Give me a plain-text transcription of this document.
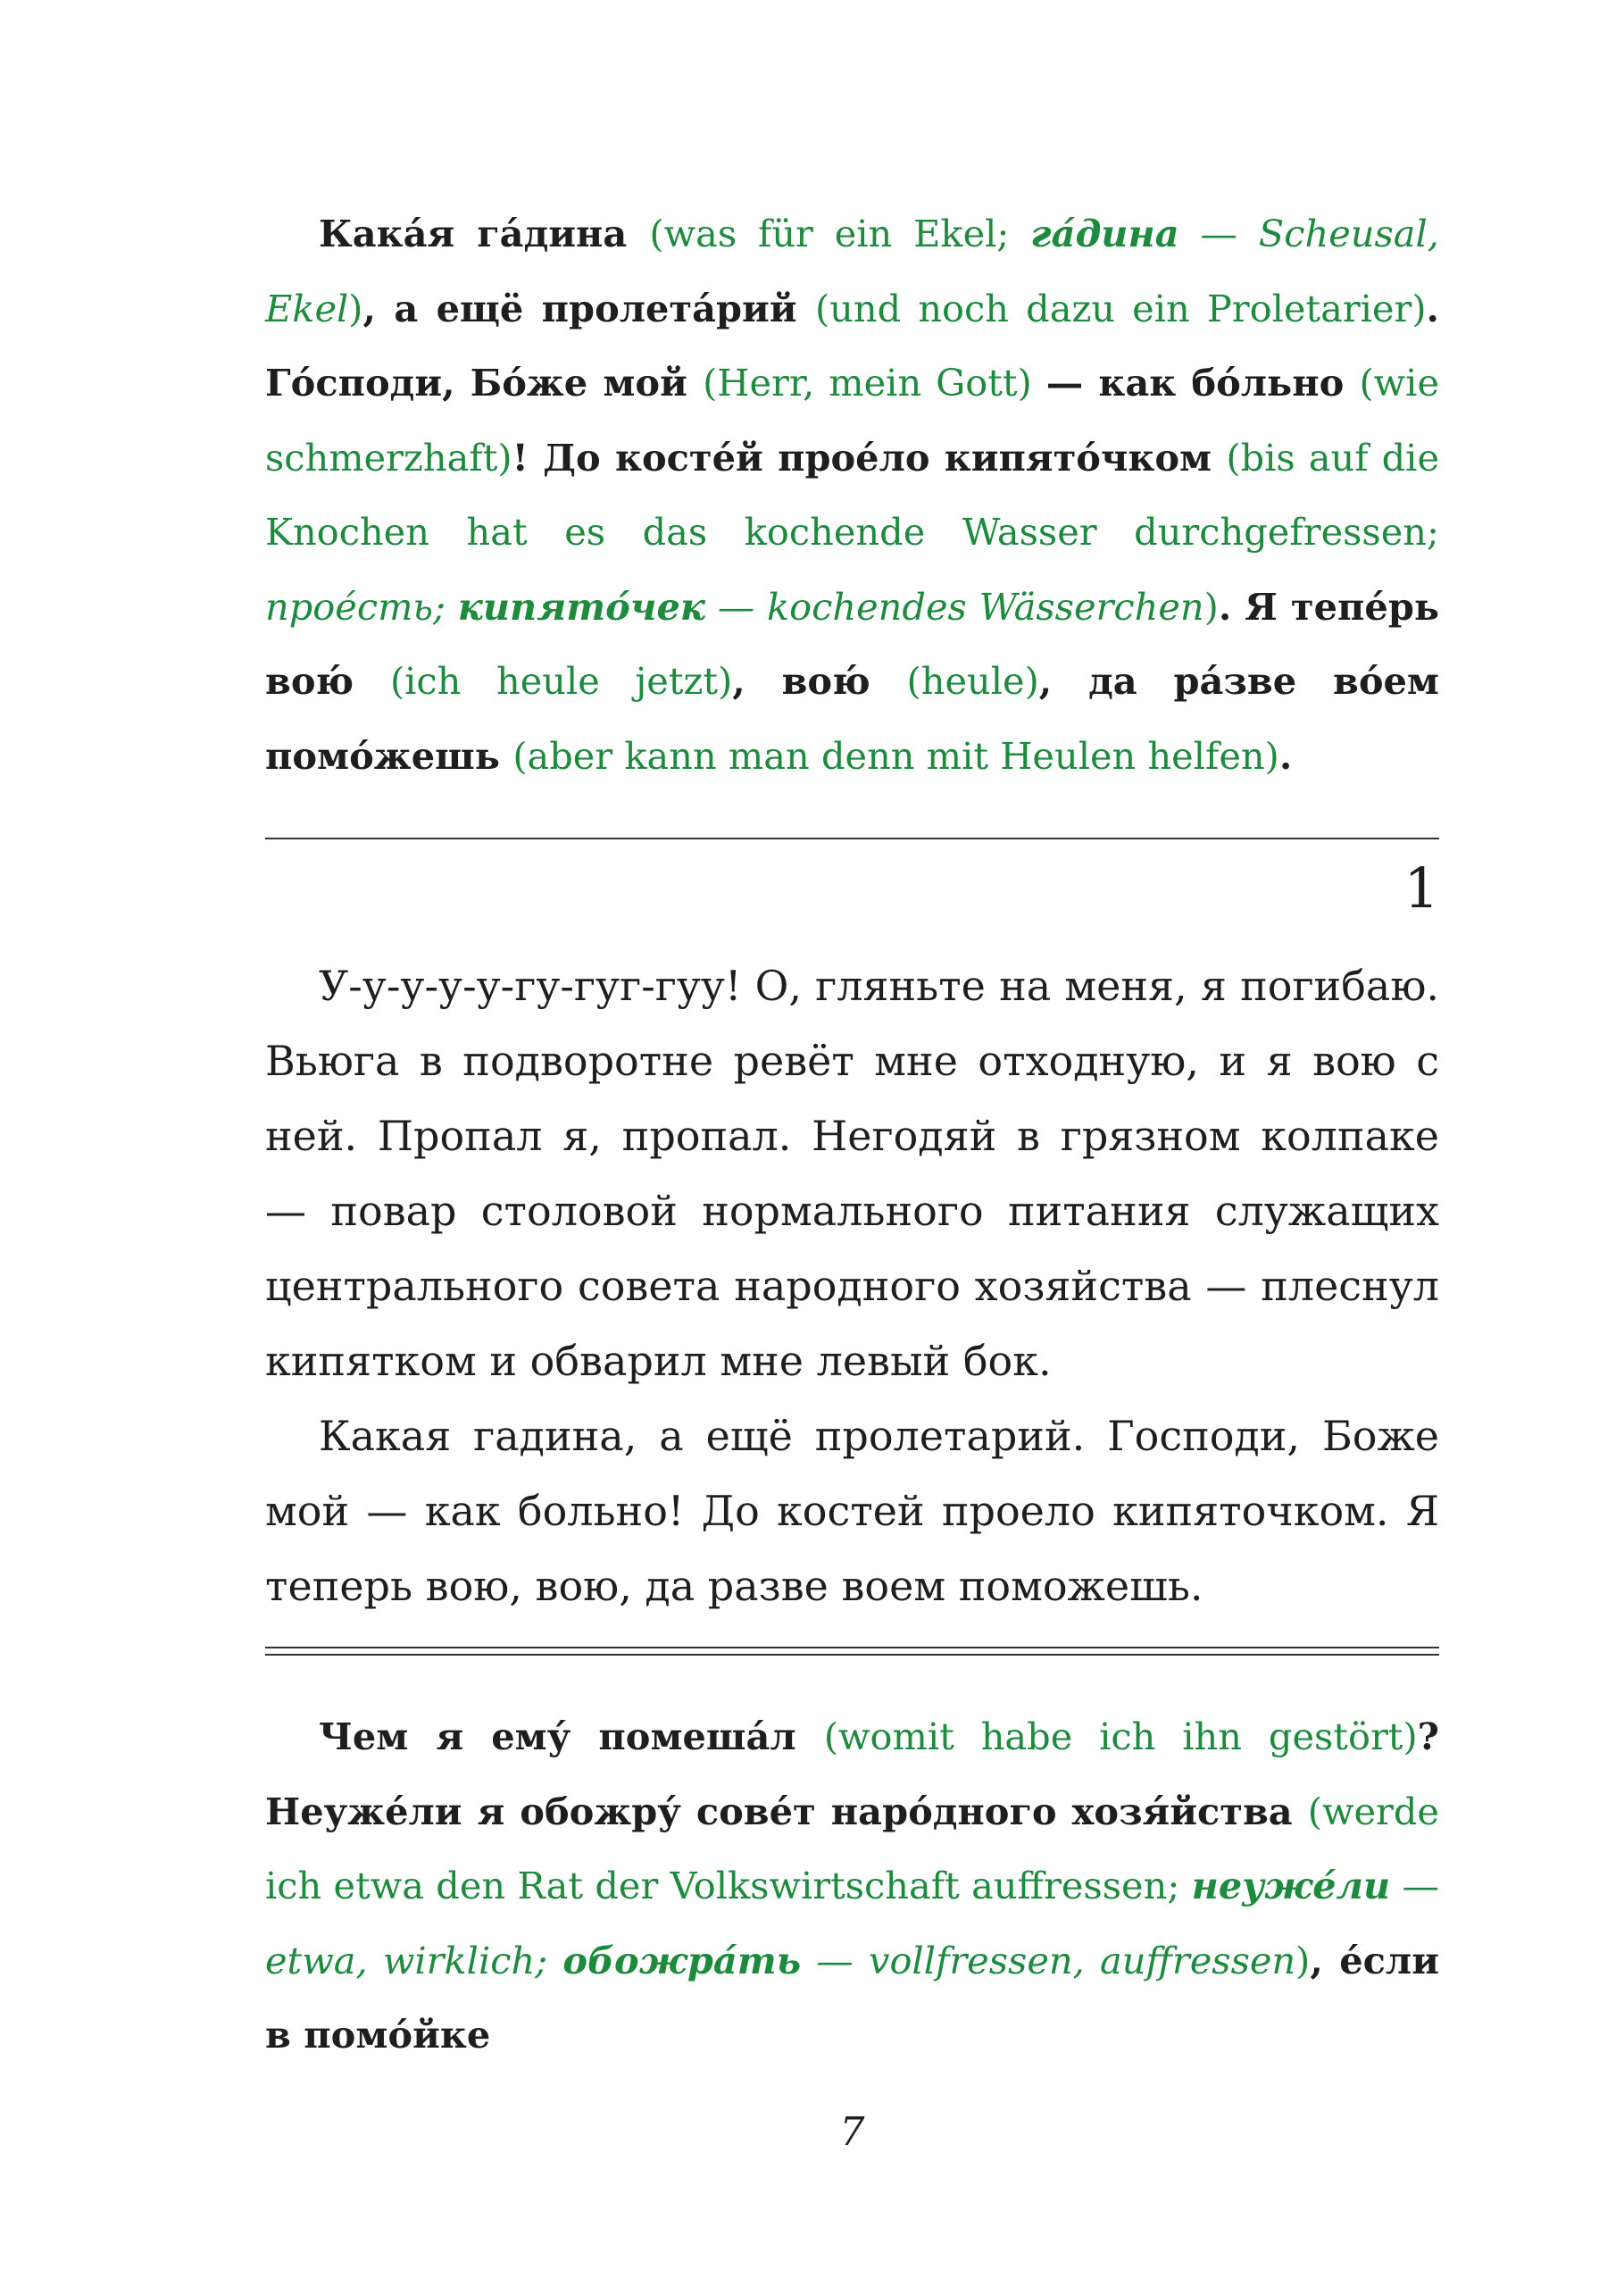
Кака́я га́дина (was für ein Ekel; га́дина — Scheusal, Ekel), а ещё пролета́рий (und noch dazu ein Proletarier). Го́споди, Бо́же мой (Herr, mein Gott) — как бо́льно (wie schmerzhaft)! До косте́й прое́ло кипято́чком (bis auf die Knochen hat es das kochende Wasser durchgefressen; прое́сть; кипято́чек — kochendes Wässerchen). Я тепе́рь вою́ (ich heule jetzt), вою́ (heule), да ра́зве во́ем помо́жешь (aber kann man denn mit Heulen helfen).

1

У-у-у-у-у-гу-гуг-гуу! О, гляньте на меня, я погибаю. Вьюга в подворотне ревёт мне отходную, и я вою с ней. Пропал я, пропал. Негодяй в грязном колпаке — повар столовой нормального питания служащих центрального совета народного хозяйства — плеснул кипятком и обварил мне левый бок.

Какая гадина, а ещё пролетарий. Господи, Боже мой — как больно! До костей проело кипяточком. Я теперь вою, вою, да разве воем поможешь.

Чем я ему́ помеша́л (womit habe ich ihn gestört)? Неуже́ли я обожру́ сове́т наро́дного хозя́йства (werde ich etwa den Rat der Volkswirtschaft auffressen; неуже́ли — etwa, wirklich; обожра́ть — vollfressen, auffressen), е́сли в помо́йке

7
